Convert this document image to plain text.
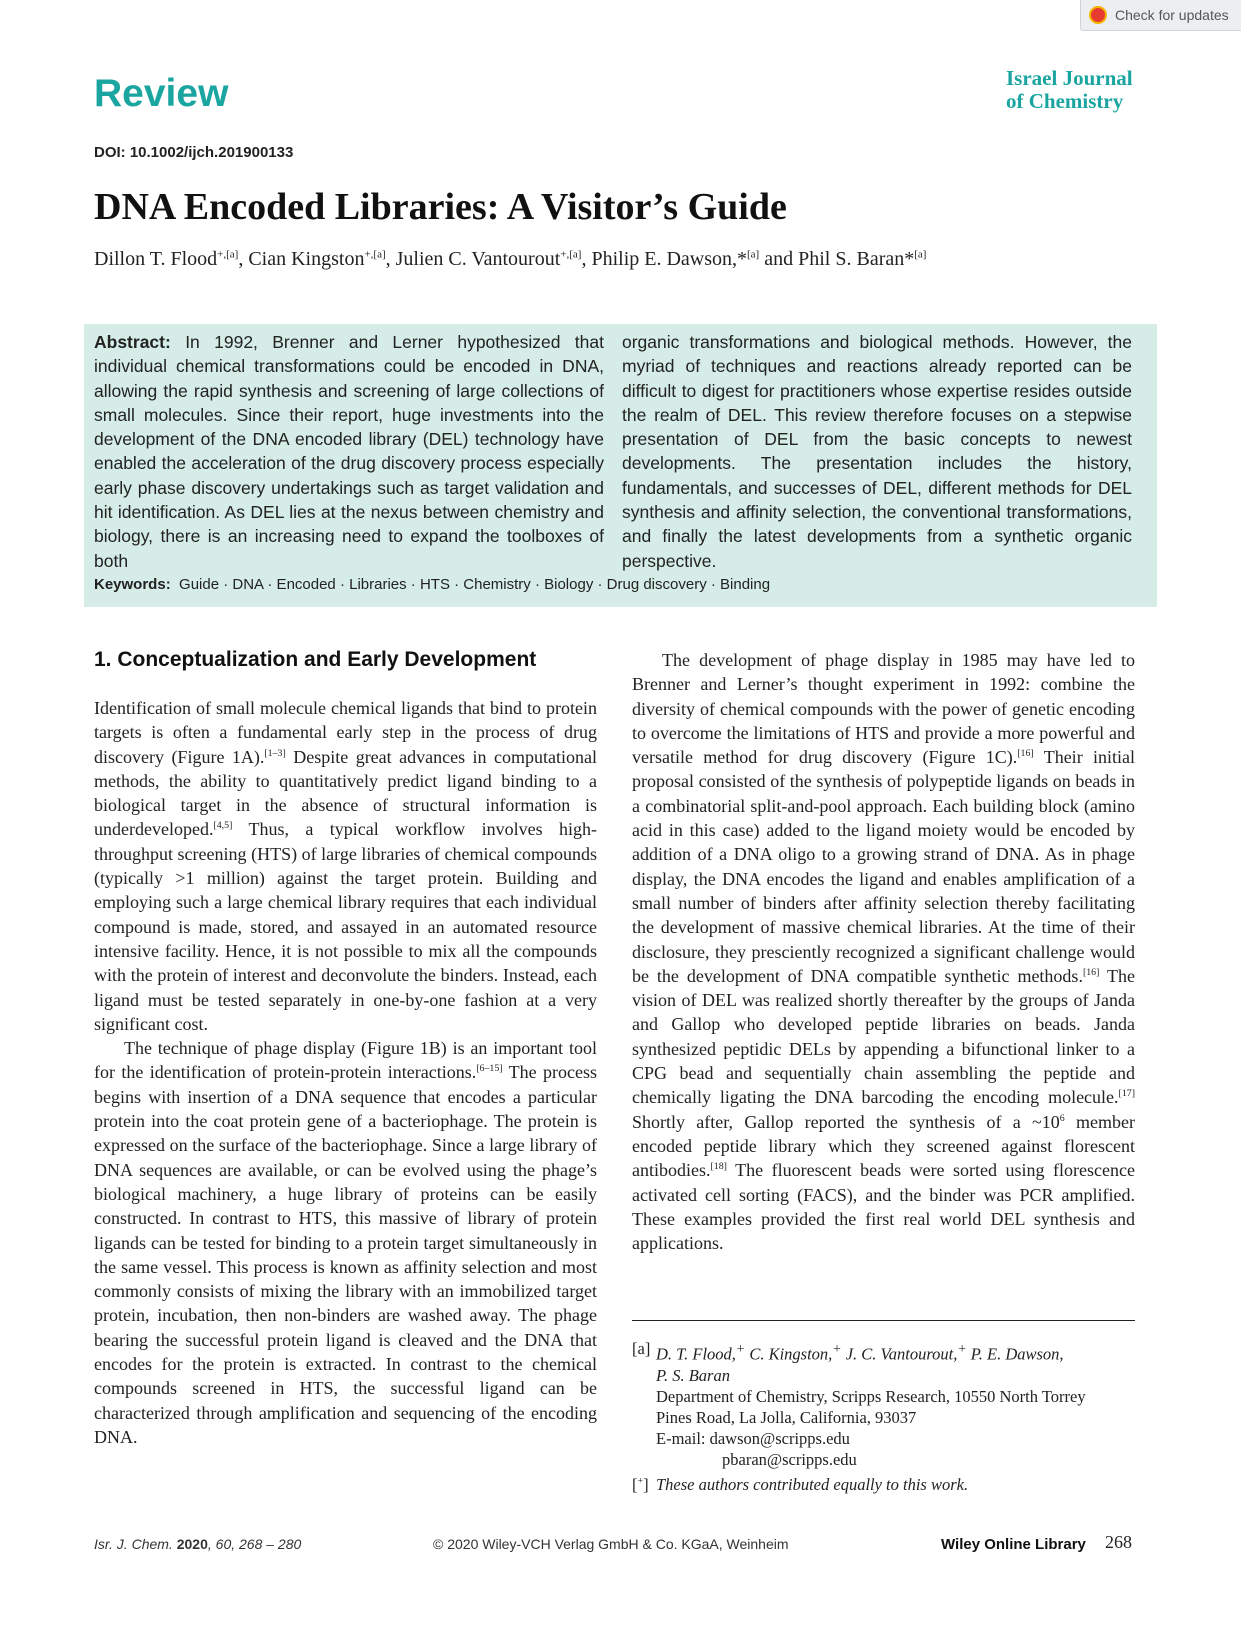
Check for updates
Review	Israel Journal
of Chemistry
DOI: 10.1002/ijch.201900133
DNA Encoded Libraries: A Visitor’s Guide
Dillon T. Flood$^{+,[a]}$, Cian Kingston$^{+,[a]}$, Julien C. Vantourout$^{+,[a]}$, Philip E. Dawson,*[a] and Phil S. Baran*[a]
Abstract: In 1992, Brenner and Lerner hypothesized that individual chemical transformations could be encoded in DNA, allowing the rapid synthesis and screening of large collections of small molecules. Since their report, huge investments into the development of the DNA encoded library (DEL) technology have enabled the acceleration of the drug discovery process especially early phase discovery undertakings such as target validation and hit identification. As DEL lies at the nexus between chemistry and biology, there is an increasing need to expand the toolboxes of both
organic transformations and biological methods. However, the myriad of techniques and reactions already reported can be difficult to digest for practitioners whose expertise resides outside the realm of DEL. This review therefore focuses on a stepwise presentation of DEL from the basic concepts to newest developments. The presentation includes the history, fundamentals, and successes of DEL, different methods for DEL synthesis and affinity selection, the conventional transformations, and finally the latest developments from a synthetic organic perspective.
Keywords: Guide · DNA · Encoded · Libraries · HTS · Chemistry · Biology · Drug discovery · Binding
1. Conceptualization and Early Development

Identification of small molecule chemical ligands that bind to protein targets is often a fundamental early step in the process of drug discovery (Figure 1A).[1–3] Despite great advances in computational methods, the ability to quantitatively predict ligand binding to a biological target in the absence of structural information is underdeveloped.[4,5] Thus, a typical workflow involves high-throughput screening (HTS) of large libraries of chemical compounds (typically >1 million) against the target protein. Building and employing such a large chemical library requires that each individual compound is made, stored, and assayed in an automated resource intensive facility. Hence, it is not possible to mix all the compounds with the protein of interest and deconvolute the binders. Instead, each ligand must be tested separately in one-by-one fashion at a very significant cost.

The technique of phage display (Figure 1B) is an important tool for the identification of protein-protein interactions.[6–15] The process begins with insertion of a DNA sequence that encodes a particular protein into the coat protein gene of a bacteriophage. The protein is expressed on the surface of the bacteriophage. Since a large library of DNA sequences are available, or can be evolved using the phage’s biological machinery, a huge library of proteins can be easily constructed. In contrast to HTS, this massive of library of protein ligands can be tested for binding to a protein target simultaneously in the same vessel. This process is known as affinity selection and most commonly consists of mixing the library with an immobilized target protein, incubation, then non-binders are washed away. The phage bearing the successful protein ligand is cleaved and the DNA that encodes for the protein is extracted. In contrast to the chemical compounds screened in HTS, the successful ligand can be characterized through amplification and sequencing of the encoding DNA.

The development of phage display in 1985 may have led to Brenner and Lerner’s thought experiment in 1992: combine the diversity of chemical compounds with the power of genetic encoding to overcome the limitations of HTS and provide a more powerful and versatile method for drug discovery (Figure 1C).[16] Their initial proposal consisted of the synthesis of polypeptide ligands on beads in a combinatorial split-and-pool approach. Each building block (amino acid in this case) added to the ligand moiety would be encoded by addition of a DNA oligo to a growing strand of DNA. As in phage display, the DNA encodes the ligand and enables amplification of a small number of binders after affinity selection thereby facilitating the development of massive chemical libraries. At the time of their disclosure, they presciently recognized a significant challenge would be the development of DNA compatible synthetic methods.[16] The vision of DEL was realized shortly thereafter by the groups of Janda and Gallop who developed peptide libraries on beads. Janda synthesized peptidic DELs by appending a bifunctional linker to a CPG bead and sequentially chain assembling the peptide and chemically ligating the DNA barcoding the encoding molecule.[17] Shortly after, Gallop reported the synthesis of a $\sim 10^6$ member encoded peptide library which they screened against florescent antibodies.[18] The fluorescent beads were sorted using florescence activated cell sorting (FACS), and the binder was PCR amplified. These examples provided the first real world DEL synthesis and applications.

[a] D. T. Flood,+ C. Kingston,+ J. C. Vantourout,+ P. E. Dawson,
P. S. Baran
Department of Chemistry, Scripps Research, 10550 North Torrey
Pines Road, La Jolla, California, 93037
E-mail: dawson@scripps.edu
pbaran@scripps.edu
[+] These authors contributed equally to this work.
Isr. J. Chem. 2020, 60, 268 – 280	© 2020 Wiley-VCH Verlag GmbH & Co. KGaA, Weinheim	Wiley Online Library 268
